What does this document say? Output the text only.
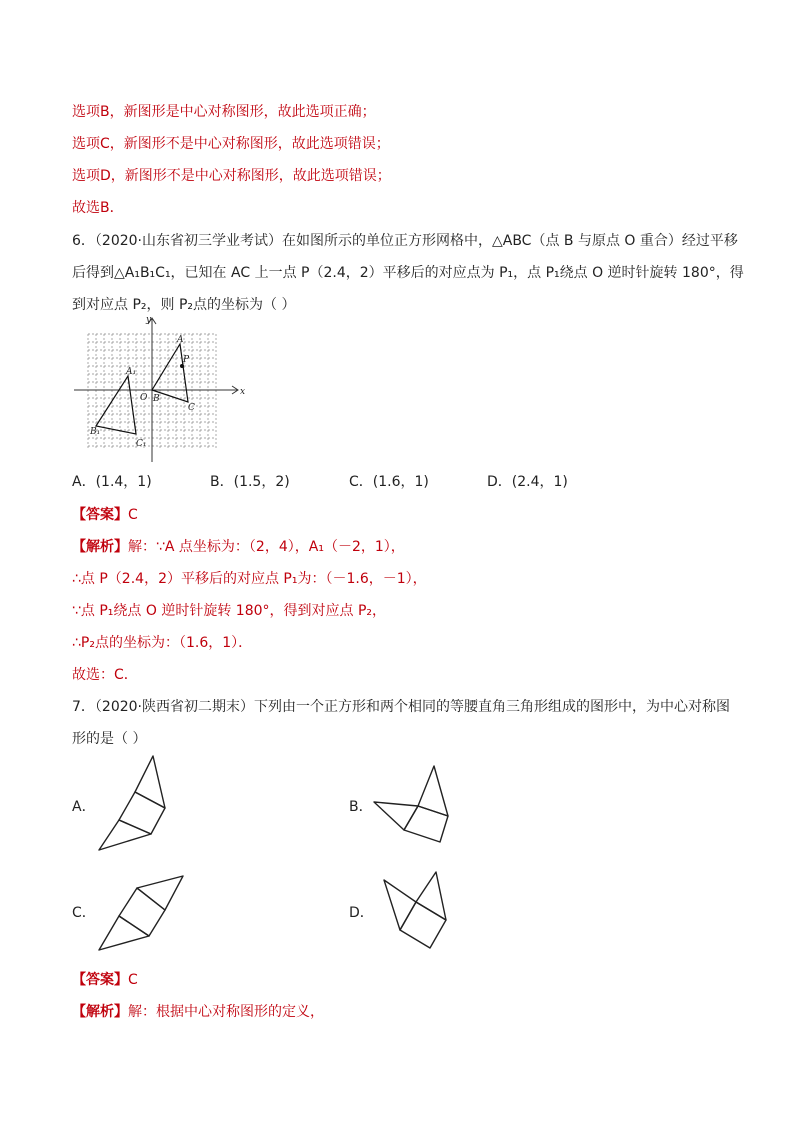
选项B，新图形是中心对称图形，故此选项正确；
选项C，新图形不是中心对称图形，故此选项错误；
选项D，新图形不是中心对称图形，故此选项错误；
故选B．
6．（2020·山东省初三学业考试）在如图所示的单位正方形网格中，△ABC（点 B 与原点 O 重合）经过平移
后得到△A₁B₁C₁，已知在 AC 上一点 P（2.4，2）平移后的对应点为 P₁，点 P₁绕点 O 逆时针旋转 180°，得
到对应点 P₂，则 P₂点的坐标为（ ）
y
x
A
P
O B
C
A₁
B₁
C₁
A．(1.4，1)	B．(1.5，2)	C．(1.6，1)	D．(2.4，1)
【答案】C
【解析】解：∵A 点坐标为：（2，4），A₁（－2，1），
∴点 P（2.4，2）平移后的对应点 P₁为：（－1.6，－1），
∵点 P₁绕点 O 逆时针旋转 180°，得到对应点 P₂，
∴P₂点的坐标为：（1.6，1）．
故选：C．
7．（2020·陕西省初二期末）下列由一个正方形和两个相同的等腰直角三角形组成的图形中，为中心对称图
形的是（ ）
A．	B．
C．	D．
【答案】C
【解析】解：根据中心对称图形的定义，
